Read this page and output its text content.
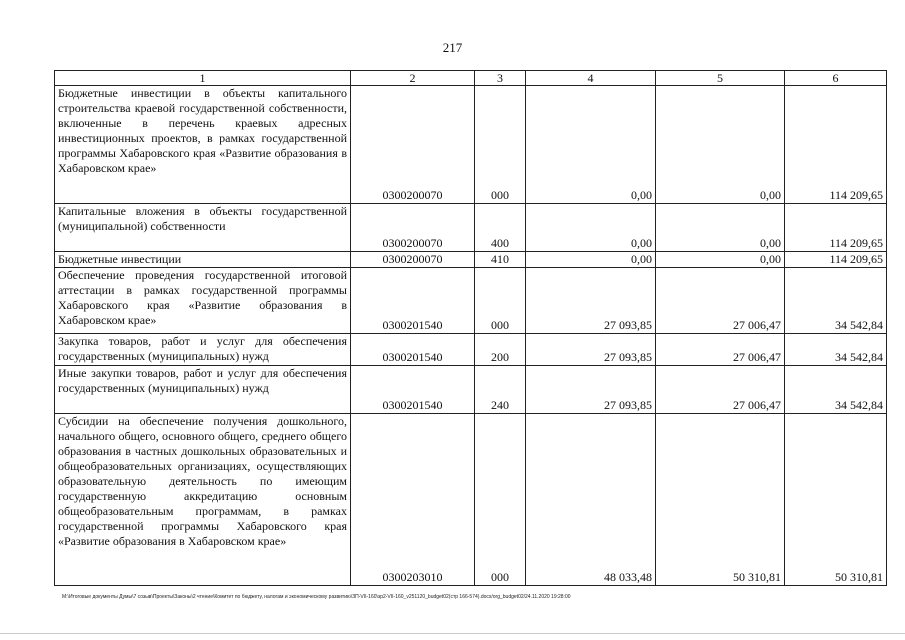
217
1	2	3	4	5	6
Бюджетные инвестиции в объекты капитального строительства краевой государственной собственности, включенные в перечень краевых адресных инвестиционных проектов, в рамках государственной программы Хабаровского края «Развитие образования в Хабаровском крае»	0300200070	000	0,00	0,00	114 209,65
Капитальные вложения в объекты государственной (муниципальной) собственности	0300200070	400	0,00	0,00	114 209,65
Бюджетные инвестиции	0300200070	410	0,00	0,00	114 209,65
Обеспечение проведения государственной итоговой аттестации в рамках государственной программы Хабаровского края «Развитие образования в Хабаровском крае»	0300201540	000	27 093,85	27 006,47	34 542,84
Закупка товаров, работ и услуг для обеспечения государственных (муниципальных) нужд	0300201540	200	27 093,85	27 006,47	34 542,84
Иные закупки товаров, работ и услуг для обеспечения государственных (муниципальных) нужд	0300201540	240	27 093,85	27 006,47	34 542,84
Субсидии на обеспечение получения дошкольного, начального общего, основного общего, среднего общего образования в частных дошкольных образовательных и общеобразовательных организациях, осуществляющих образовательную деятельность по имеющим государственную аккредитацию основным общеобразовательным программам, в рамках государственной программы Хабаровского края «Развитие образования в Хабаровском крае»	0300203010	000	48 033,48	50 310,81	50 310,81
M:\Итоговые документы Думы\7 созыв\Проекты\Законы\2 чтение\Комитет по бюджету, налогам и экономическому развитию\ЗП-VII-160\зр2-VII-160_v251120_budget02(стр 166-574).docx/org_budget02/24.11.2020 19:28:00
